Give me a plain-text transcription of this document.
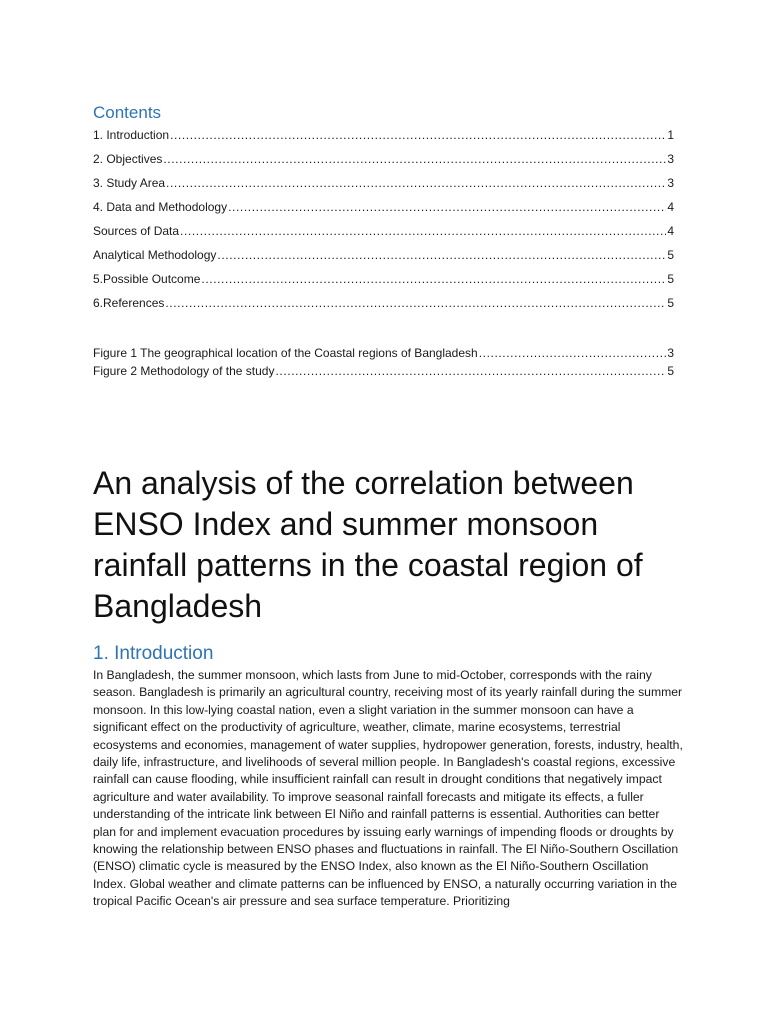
Contents
1. Introduction .....	1
2. Objectives .....	3
3. Study Area .....	3
4. Data and Methodology .....	4
Sources of Data .....	4
Analytical Methodology .....	5
5.Possible Outcome .....	5
6.References .....	5
Figure 1 The geographical location of the Coastal regions of Bangladesh .....	3
Figure 2 Methodology of the study .....	5
An analysis of the correlation between ENSO Index and summer monsoon rainfall patterns in the coastal region of Bangladesh
1. Introduction

In Bangladesh, the summer monsoon, which lasts from June to mid-October, corresponds with the rainy season. Bangladesh is primarily an agricultural country, receiving most of its yearly rainfall during the summer monsoon. In this low-lying coastal nation, even a slight variation in the summer monsoon can have a significant effect on the productivity of agriculture, weather, climate, marine ecosystems, terrestrial ecosystems and economies, management of water supplies, hydropower generation, forests, industry, health, daily life, infrastructure, and livelihoods of several million people. In Bangladesh's coastal regions, excessive rainfall can cause flooding, while insufficient rainfall can result in drought conditions that negatively impact agriculture and water availability. To improve seasonal rainfall forecasts and mitigate its effects, a fuller understanding of the intricate link between El Niño and rainfall patterns is essential. Authorities can better plan for and implement evacuation procedures by issuing early warnings of impending floods or droughts by knowing the relationship between ENSO phases and fluctuations in rainfall. The El Niño-Southern Oscillation (ENSO) climatic cycle is measured by the ENSO Index, also known as the El Niño-Southern Oscillation Index. Global weather and climate patterns can be influenced by ENSO, a naturally occurring variation in the tropical Pacific Ocean's air pressure and sea surface temperature. Prioritizing
